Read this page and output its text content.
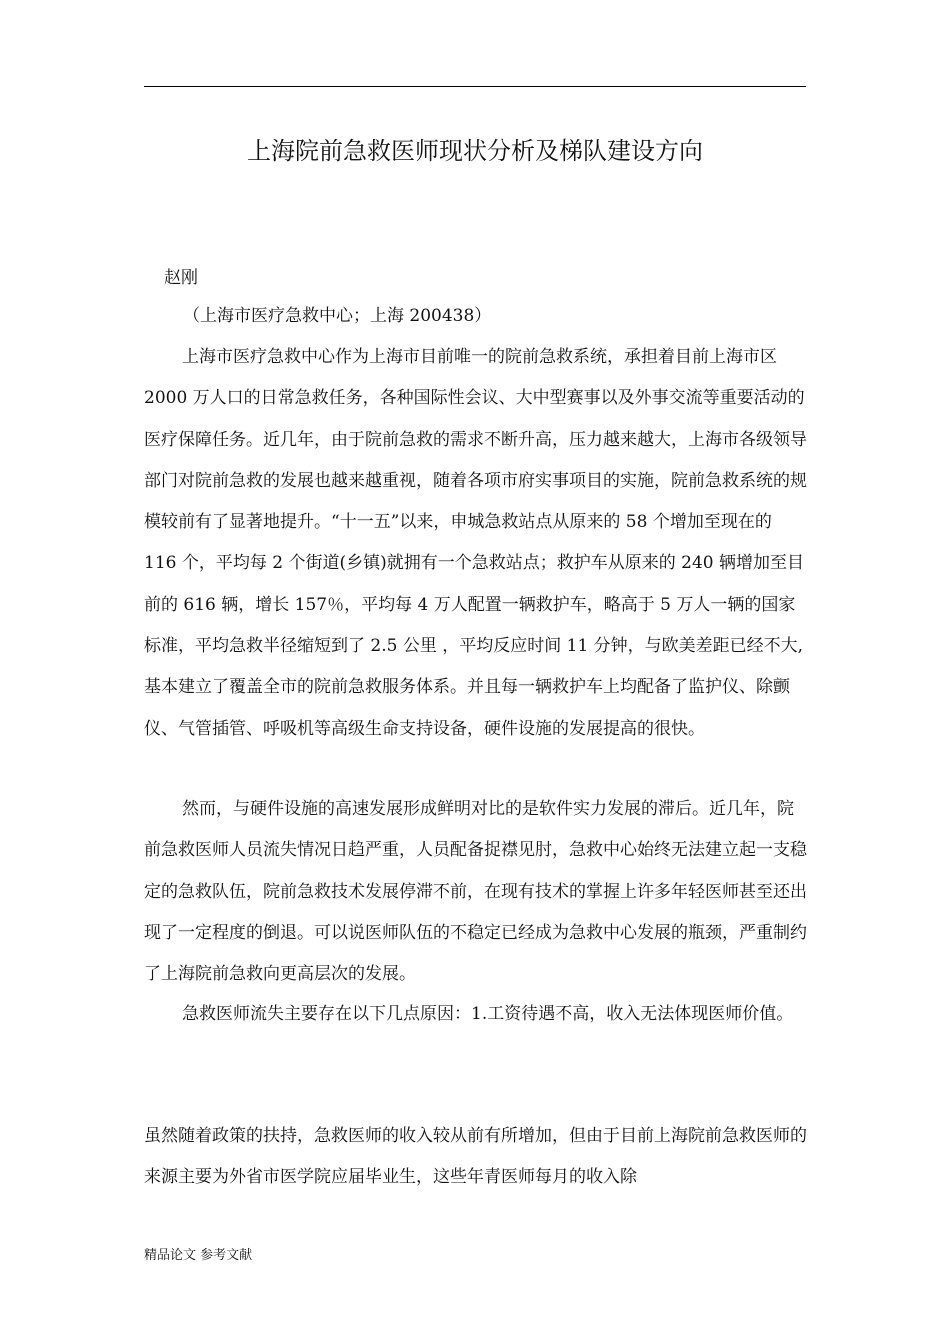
上海院前急救医师现状分析及梯队建设方向
赵刚
（上海市医疗急救中心；上海 200438）

上海市医疗急救中心作为上海市目前唯一的院前急救系统，承担着目前上海市区 2000 万人口的日常急救任务，各种国际性会议、大中型赛事以及外事交流等重要活动的医疗保障任务。近几年，由于院前急救的需求不断升高，压力越来越大，上海市各级领导部门对院前急救的发展也越来越重视，随着各项市府实事项目的实施，院前急救系统的规模较前有了显著地提升。“十一五”以来，申城急救站点从原来的 58 个增加至现在的 116 个，平均每 2 个街道(乡镇)就拥有一个急救站点；救护车从原来的 240 辆增加至目前的 616 辆，增长 157％，平均每 4 万人配置一辆救护车，略高于 5 万人一辆的国家标准，平均急救半径缩短到了 2.5 公里 ，平均反应时间 11 分钟，与欧美差距已经不大,基本建立了覆盖全市的院前急救服务体系。并且每一辆救护车上均配备了监护仪、除颤仪、气管插管、呼吸机等高级生命支持设备，硬件设施的发展提高的很快。

然而，与硬件设施的高速发展形成鲜明对比的是软件实力发展的滞后。近几年，院前急救医师人员流失情况日趋严重，人员配备捉襟见肘，急救中心始终无法建立起一支稳定的急救队伍，院前急救技术发展停滞不前，在现有技术的掌握上许多年轻医师甚至还出现了一定程度的倒退。可以说医师队伍的不稳定已经成为急救中心发展的瓶颈，严重制约了上海院前急救向更高层次的发展。

急救医师流失主要存在以下几点原因：1.工资待遇不高，收入无法体现医师价值。

虽然随着政策的扶持，急救医师的收入较从前有所增加，但由于目前上海院前急救医师的来源主要为外省市医学院应届毕业生，这些年青医师每月的收入除

精品论文 参考文献
